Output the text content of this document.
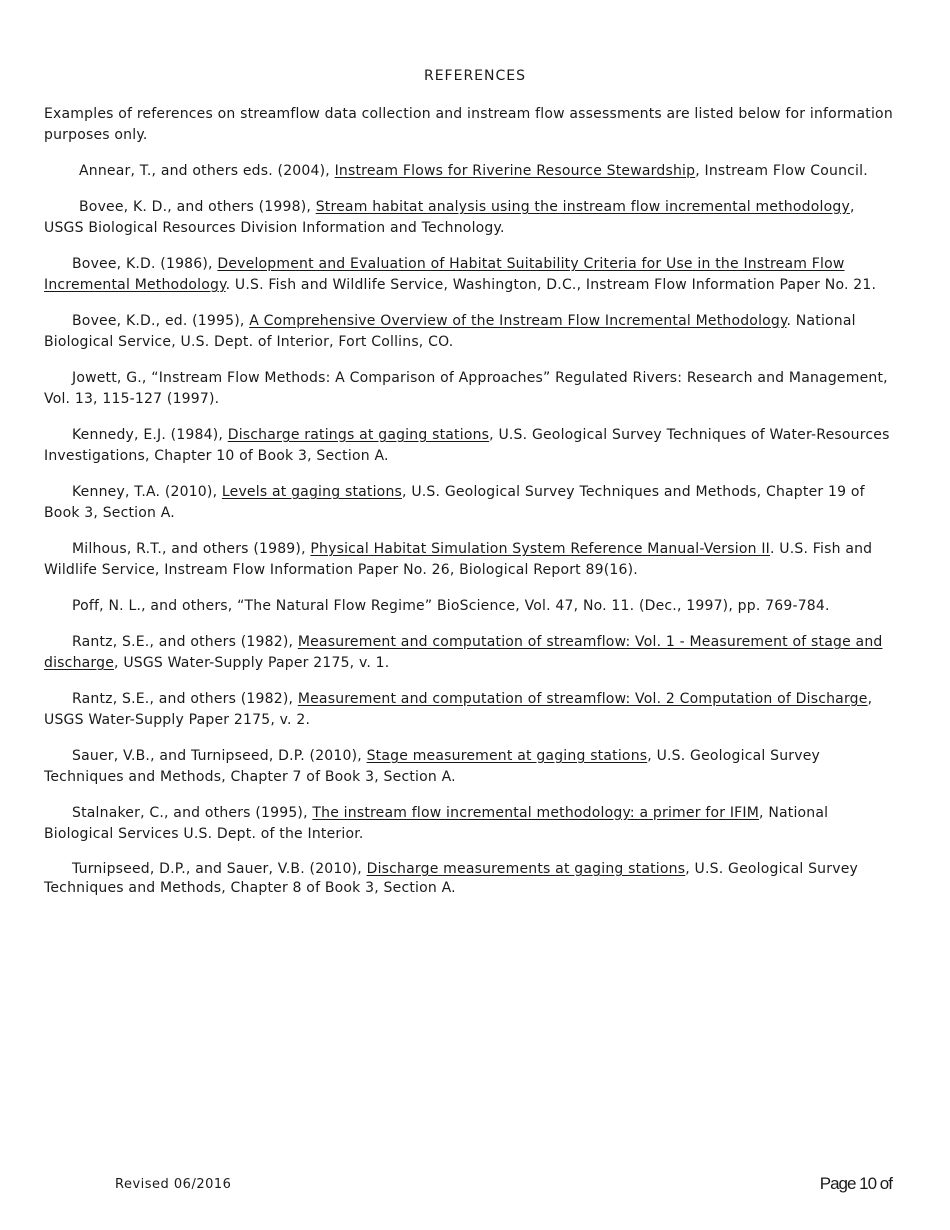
REFERENCES

Examples of references on streamflow data collection and instream flow assessments are listed below for information purposes only.

Annear, T., and others eds. (2004), Instream Flows for Riverine Resource Stewardship, Instream Flow Council.

Bovee, K. D., and others (1998), Stream habitat analysis using the instream flow incremental methodology, USGS Biological Resources Division Information and Technology.

Bovee, K.D. (1986), Development and Evaluation of Habitat Suitability Criteria for Use in the Instream Flow Incremental Methodology. U.S. Fish and Wildlife Service, Washington, D.C., Instream Flow Information Paper No. 21.

Bovee, K.D., ed. (1995), A Comprehensive Overview of the Instream Flow Incremental Methodology. National Biological Service, U.S. Dept. of Interior, Fort Collins, CO.

Jowett, G., “Instream Flow Methods: A Comparison of Approaches” Regulated Rivers: Research and Management, Vol. 13, 115-127 (1997).

Kennedy, E.J. (1984), Discharge ratings at gaging stations, U.S. Geological Survey Techniques of Water-Resources Investigations, Chapter 10 of Book 3, Section A.

Kenney, T.A. (2010), Levels at gaging stations, U.S. Geological Survey Techniques and Methods, Chapter 19 of Book 3, Section A.

Milhous, R.T., and others (1989), Physical Habitat Simulation System Reference Manual-Version II. U.S. Fish and Wildlife Service, Instream Flow Information Paper No. 26, Biological Report 89(16).

Poff, N. L., and others, “The Natural Flow Regime” BioScience, Vol. 47, No. 11. (Dec., 1997), pp. 769-784.

Rantz, S.E., and others (1982), Measurement and computation of streamflow: Vol. 1 - Measurement of stage and discharge, USGS Water-Supply Paper 2175, v. 1.

Rantz, S.E., and others (1982), Measurement and computation of streamflow: Vol. 2 Computation of Discharge, USGS Water-Supply Paper 2175, v. 2.

Sauer, V.B., and Turnipseed, D.P. (2010), Stage measurement at gaging stations, U.S. Geological Survey Techniques and Methods, Chapter 7 of Book 3, Section A.

Stalnaker, C., and others (1995), The instream flow incremental methodology: a primer for IFIM, National Biological Services U.S. Dept. of the Interior.

Turnipseed, D.P., and Sauer, V.B. (2010), Discharge measurements at gaging stations, U.S. Geological Survey Techniques and Methods, Chapter 8 of Book 3, Section A.

Revised 06/2016	Page 10 of
